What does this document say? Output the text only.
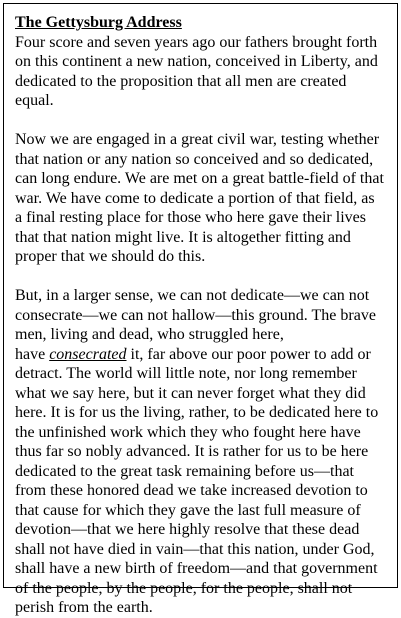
The Gettysburg Address

Four score and seven years ago our fathers brought forth
on this continent a new nation, conceived in Liberty, and
dedicated to the proposition that all men are created
equal.

Now we are engaged in a great civil war, testing whether
that nation or any nation so conceived and so dedicated,
can long endure. We are met on a great battle-field of that
war. We have come to dedicate a portion of that field, as
a final resting place for those who here gave their lives
that that nation might live. It is altogether fitting and
proper that we should do this.

But, in a larger sense, we can not dedicate—we can not
consecrate—we can not hallow—this ground. The brave
men, living and dead, who struggled here,
have consecrated it, far above our poor power to add or
detract. The world will little note, nor long remember
what we say here, but it can never forget what they did
here. It is for us the living, rather, to be dedicated here to
the unfinished work which they who fought here have
thus far so nobly advanced. It is rather for us to be here
dedicated to the great task remaining before us—that
from these honored dead we take increased devotion to
that cause for which they gave the last full measure of
devotion—that we here highly resolve that these dead
shall not have died in vain—that this nation, under God,
shall have a new birth of freedom—and that government
of the people, by the people, for the people, shall not
perish from the earth.
